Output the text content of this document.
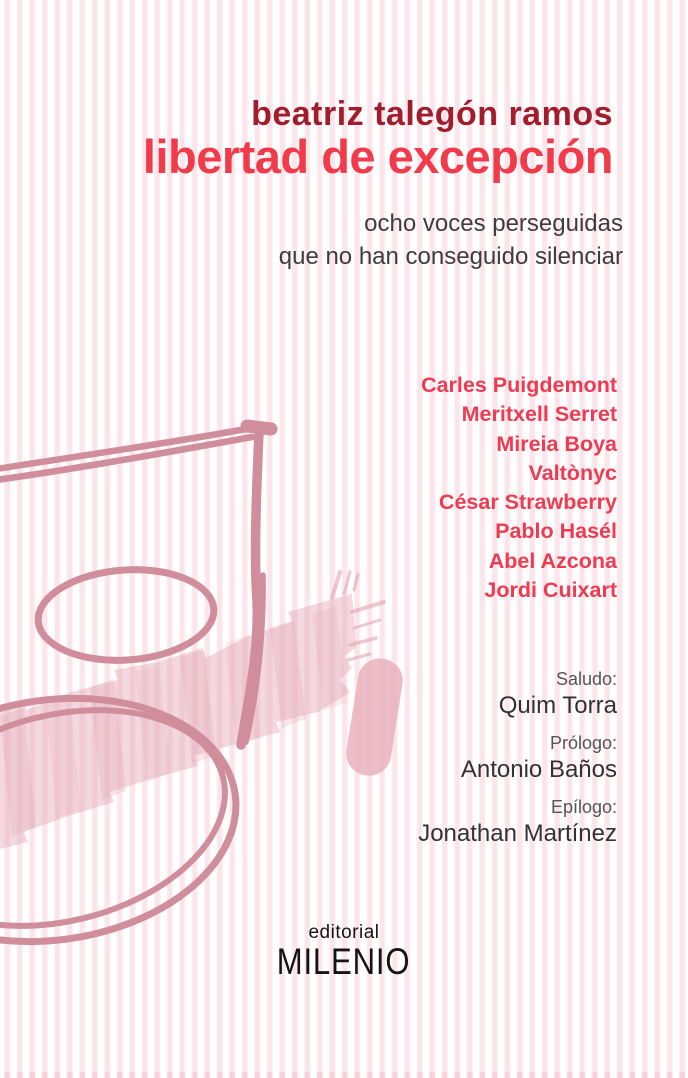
beatriz talegón ramos
libertad de excepción
ocho voces perseguidas
que no han conseguido silenciar
Carles Puigdemont
Meritxell Serret
Mireia Boya
Valtònyc
César Strawberry
Pablo Hasél
Abel Azcona
Jordi Cuixart
Saludo:
Quim Torra
Prólogo:
Antonio Baños
Epílogo:
Jonathan Martínez
editorial
MILENIO
